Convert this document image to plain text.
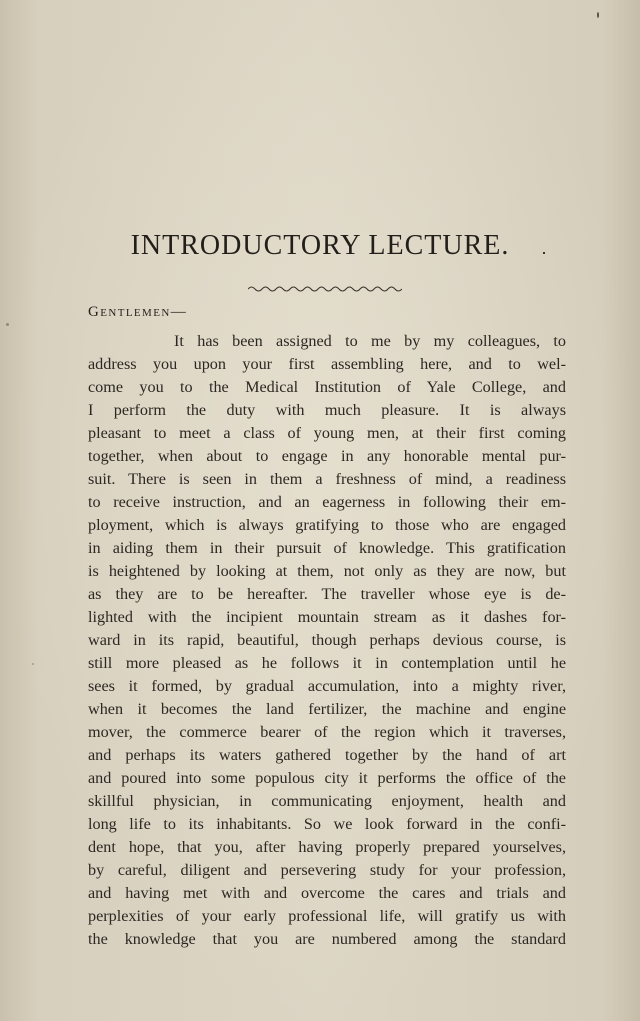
INTRODUCTORY LECTURE.

Gentlemen—

It has been assigned to me by my colleagues, to
address you upon your first assembling here, and to wel-
come you to the Medical Institution of Yale College, and
I perform the duty with much pleasure. It is always
pleasant to meet a class of young men, at their first coming
together, when about to engage in any honorable mental pur-
suit. There is seen in them a freshness of mind, a readiness
to receive instruction, and an eagerness in following their em-
ployment, which is always gratifying to those who are engaged
in aiding them in their pursuit of knowledge. This gratification
is heightened by looking at them, not only as they are now, but
as they are to be hereafter. The traveller whose eye is de-
lighted with the incipient mountain stream as it dashes for-
ward in its rapid, beautiful, though perhaps devious course, is
still more pleased as he follows it in contemplation until he
sees it formed, by gradual accumulation, into a mighty river,
when it becomes the land fertilizer, the machine and engine
mover, the commerce bearer of the region which it traverses,
and perhaps its waters gathered together by the hand of art
and poured into some populous city it performs the office of the
skillful physician, in communicating enjoyment, health and
long life to its inhabitants. So we look forward in the confi-
dent hope, that you, after having properly prepared yourselves,
by careful, diligent and persevering study for your profession,
and having met with and overcome the cares and trials and
perplexities of your early professional life, will gratify us with
the knowledge that you are numbered among the standard
